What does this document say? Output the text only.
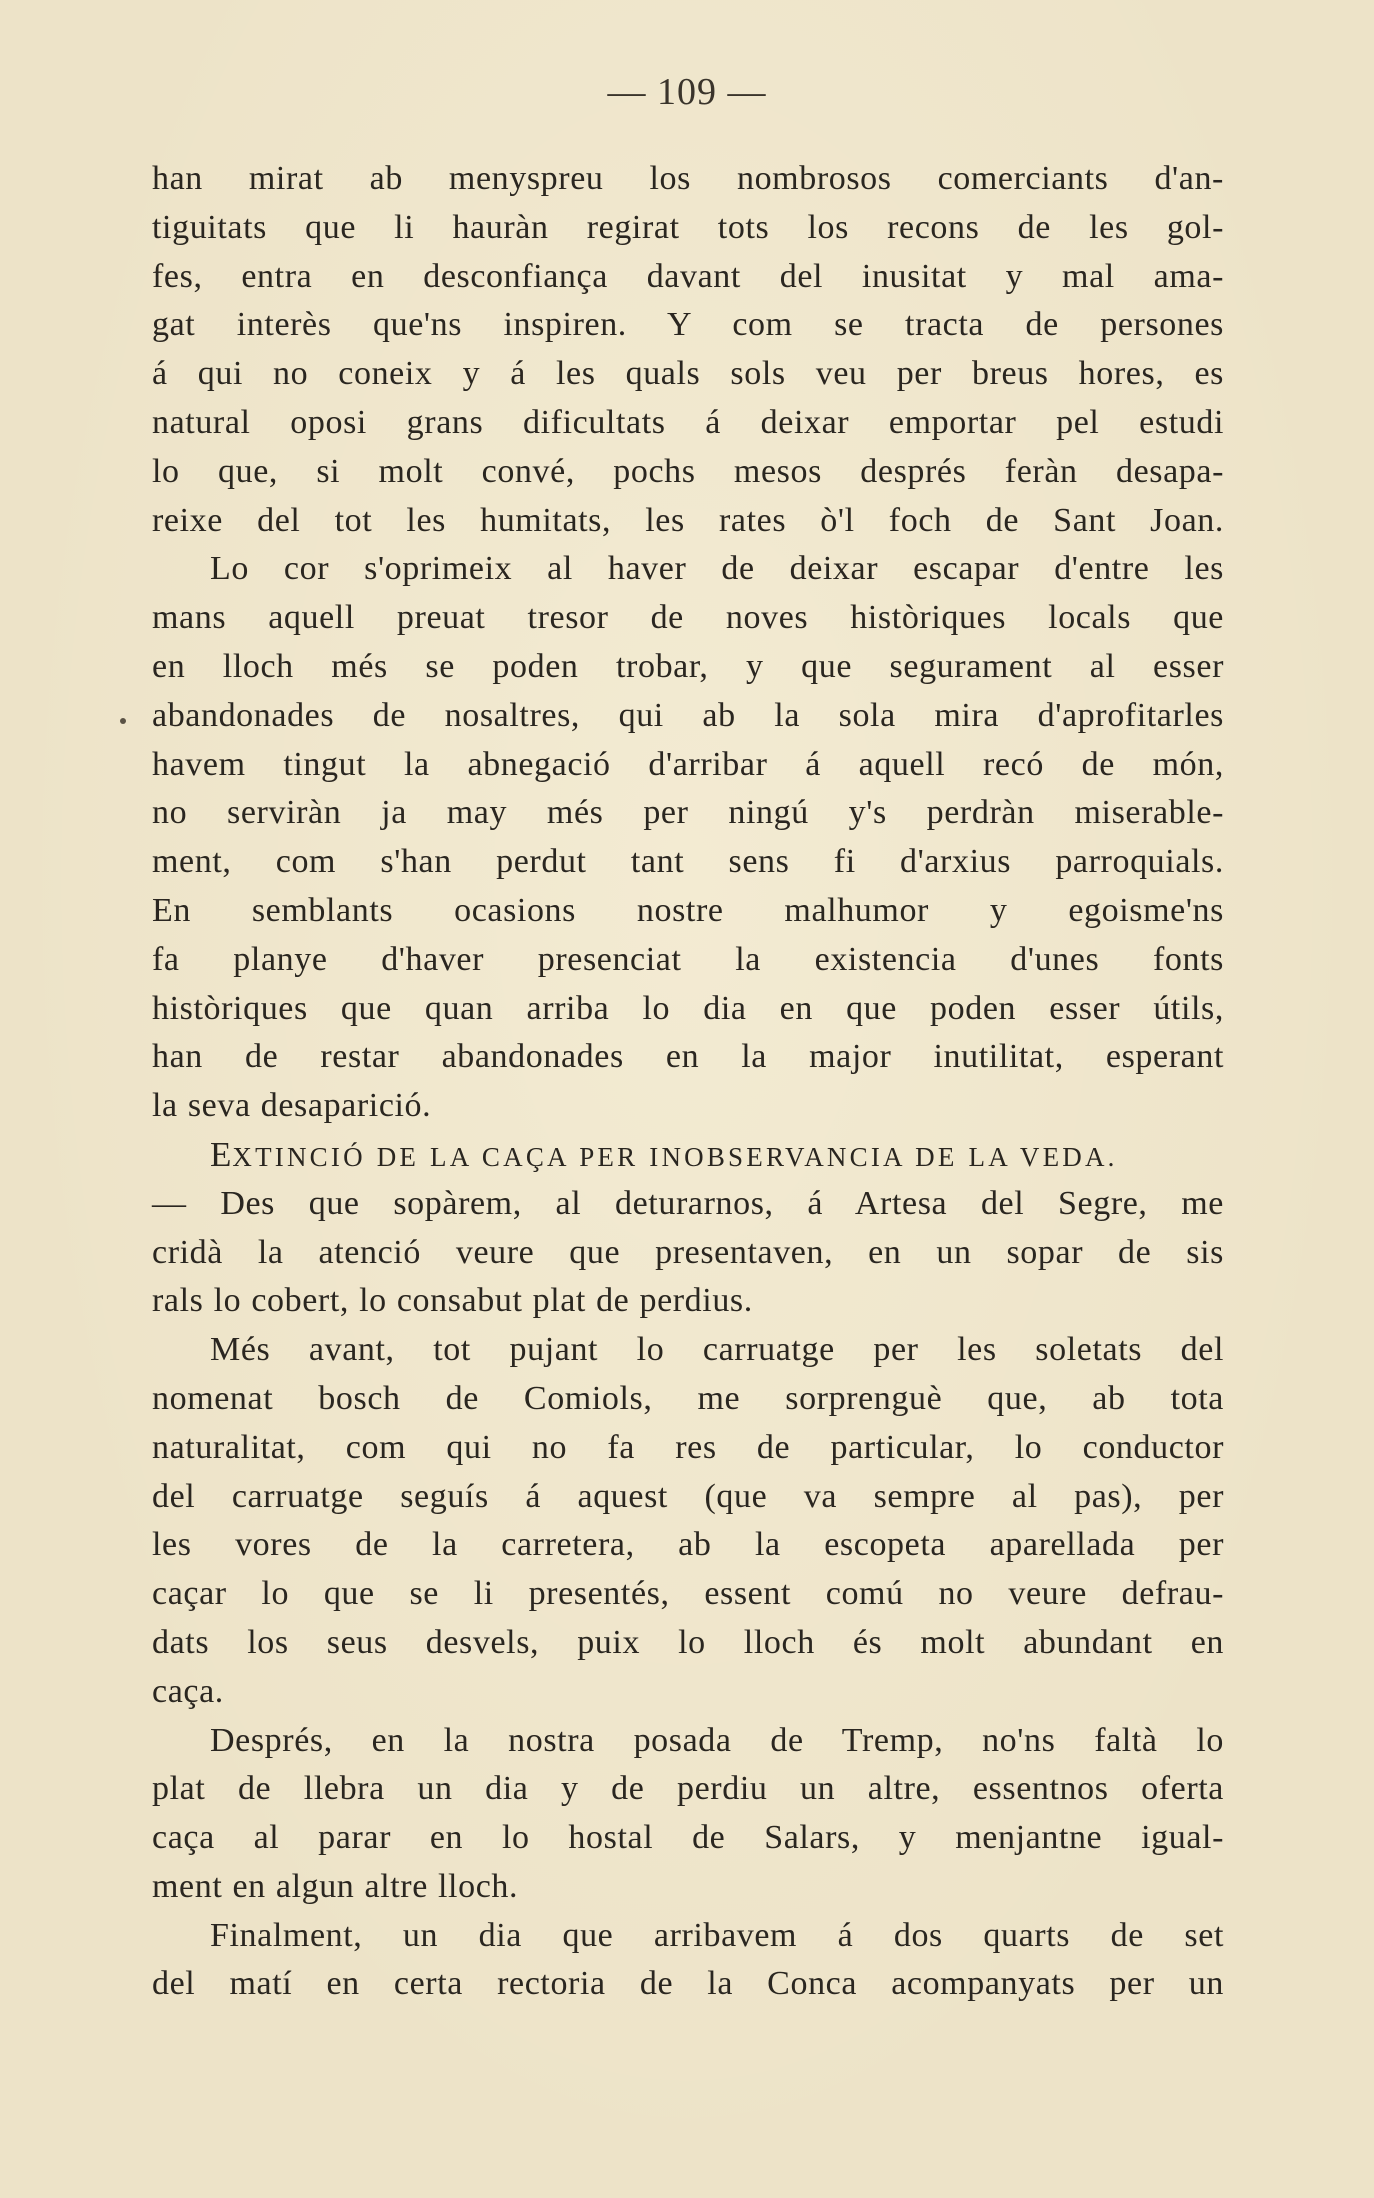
— 109 —
han mirat ab menyspreu los nombrosos comerciants d'an-
tiguitats que li hauràn regirat tots los recons de les gol-
fes, entra en desconfiança davant del inusitat y mal ama-
gat interès que'ns inspiren. Y com se tracta de persones
á qui no coneix y á les quals sols veu per breus hores, es
natural oposi grans dificultats á deixar emportar pel estudi
lo que, si molt convé, pochs mesos després feràn desapa-
reixe del tot les humitats, les rates ò'l foch de Sant Joan.
Lo cor s'oprimeix al haver de deixar escapar d'entre les
mans aquell preuat tresor de noves històriques locals que
en lloch més se poden trobar, y que segurament al esser
abandonades de nosaltres, qui ab la sola mira d'aprofitarles
havem tingut la abnegació d'arribar á aquell recó de món,
no serviràn ja may més per ningú y's perdràn miserable-
ment, com s'han perdut tant sens fi d'arxius parroquials.
En semblants ocasions nostre malhumor y egoisme'ns
fa planye d'haver presenciat la existencia d'unes fonts
històriques que quan arriba lo dia en que poden esser útils,
han de restar abandonades en la major inutilitat, esperant
la seva desaparició.
EXTINCIÓ DE LA CAÇA PER INOBSERVANCIA DE LA VEDA.
— Des que sopàrem, al deturarnos, á Artesa del Segre, me
cridà la atenció veure que presentaven, en un sopar de sis
rals lo cobert, lo consabut plat de perdius.
Més avant, tot pujant lo carruatge per les soletats del
nomenat bosch de Comiols, me sorprenguè que, ab tota
naturalitat, com qui no fa res de particular, lo conductor
del carruatge seguís á aquest (que va sempre al pas), per
les vores de la carretera, ab la escopeta aparellada per
caçar lo que se li presentés, essent comú no veure defrau-
dats los seus desvels, puix lo lloch és molt abundant en
caça.
Després, en la nostra posada de Tremp, no'ns faltà lo
plat de llebra un dia y de perdiu un altre, essentnos oferta
caça al parar en lo hostal de Salars, y menjantne igual-
ment en algun altre lloch.
Finalment, un dia que arribavem á dos quarts de set
del matí en certa rectoria de la Conca acompanyats per un
